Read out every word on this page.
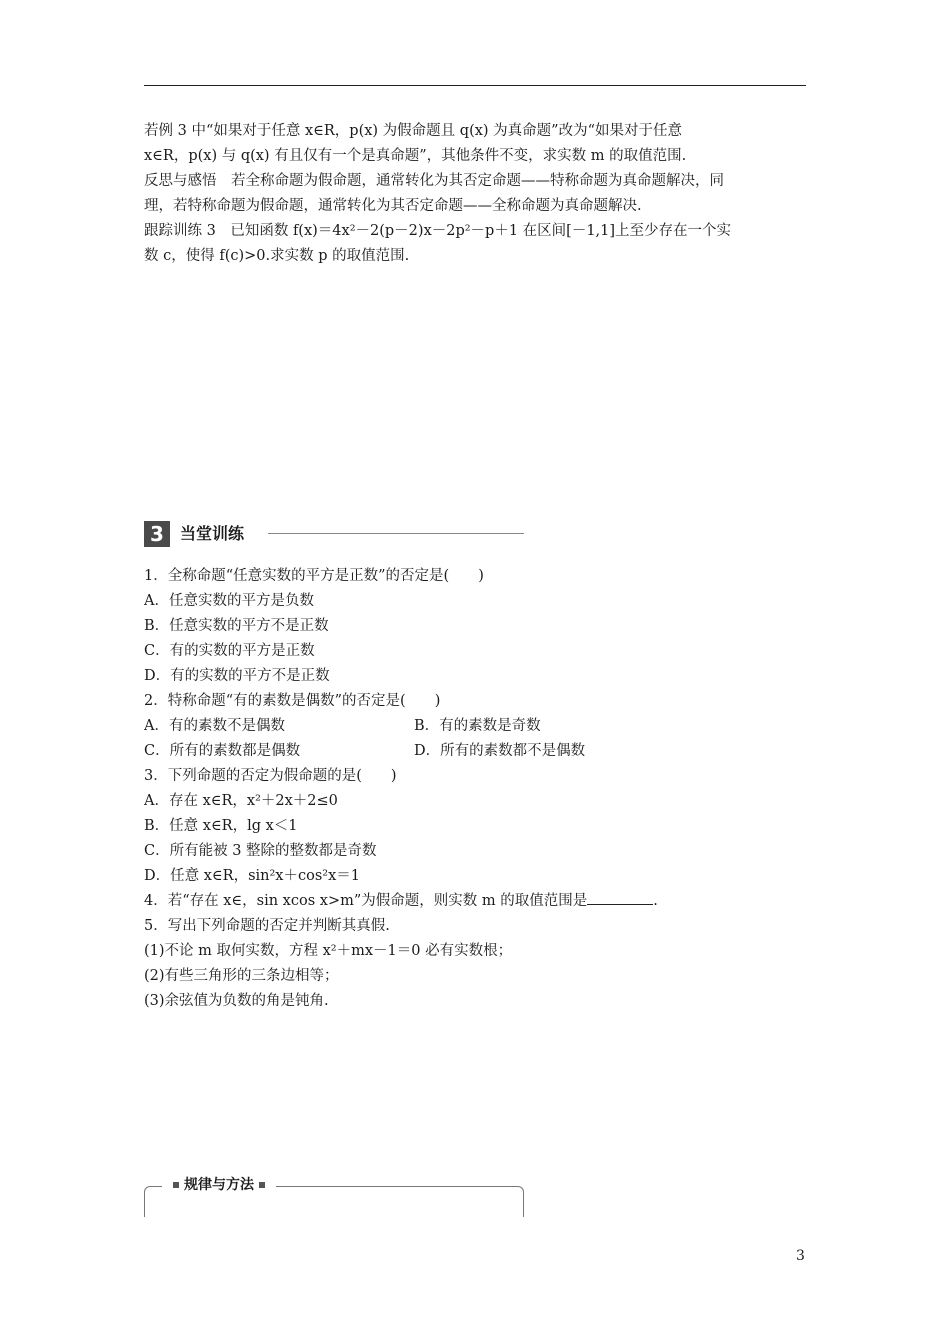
若例 3 中“如果对于任意 x∈R，p(x) 为假命题且 q(x) 为真命题”改为“如果对于任意

x∈R，p(x) 与 q(x) 有且仅有一个是真命题”，其他条件不变，求实数 m 的取值范围.

反思与感悟　若全称命题为假命题，通常转化为其否定命题——特称命题为真命题解决，同

理，若特称命题为假命题，通常转化为其否定命题——全称命题为真命题解决.

跟踪训练 3　已知函数 f(x)＝4x²－2(p－2)x－2p²－p＋1 在区间[－1,1]上至少存在一个实

数 c，使得 f(c)>0.求实数 p 的取值范围.

3	当堂训练

1．全称命题“任意实数的平方是正数”的否定是(　　)

A．任意实数的平方是负数

B．任意实数的平方不是正数

C．有的实数的平方是正数

D．有的实数的平方不是正数

2．特称命题“有的素数是偶数”的否定是(　　)

A．有的素数不是偶数	B．有的素数是奇数

C．所有的素数都是偶数	D．所有的素数都不是偶数

3．下列命题的否定为假命题的是(　　)

A．存在 x∈R，x²＋2x＋2≤0

B．任意 x∈R，lg x＜1

C．所有能被 3 整除的整数都是奇数

D．任意 x∈R，sin²x＋cos²x＝1

4．若“存在 x∈，sin xcos x>m”为假命题，则实数 m 的取值范围是	.

5．写出下列命题的否定并判断其真假.

(1)不论 m 取何实数，方程 x²＋mx－1＝0 必有实数根；

(2)有些三角形的三条边相等；

(3)余弦值为负数的角是钝角.

规律与方法
3
